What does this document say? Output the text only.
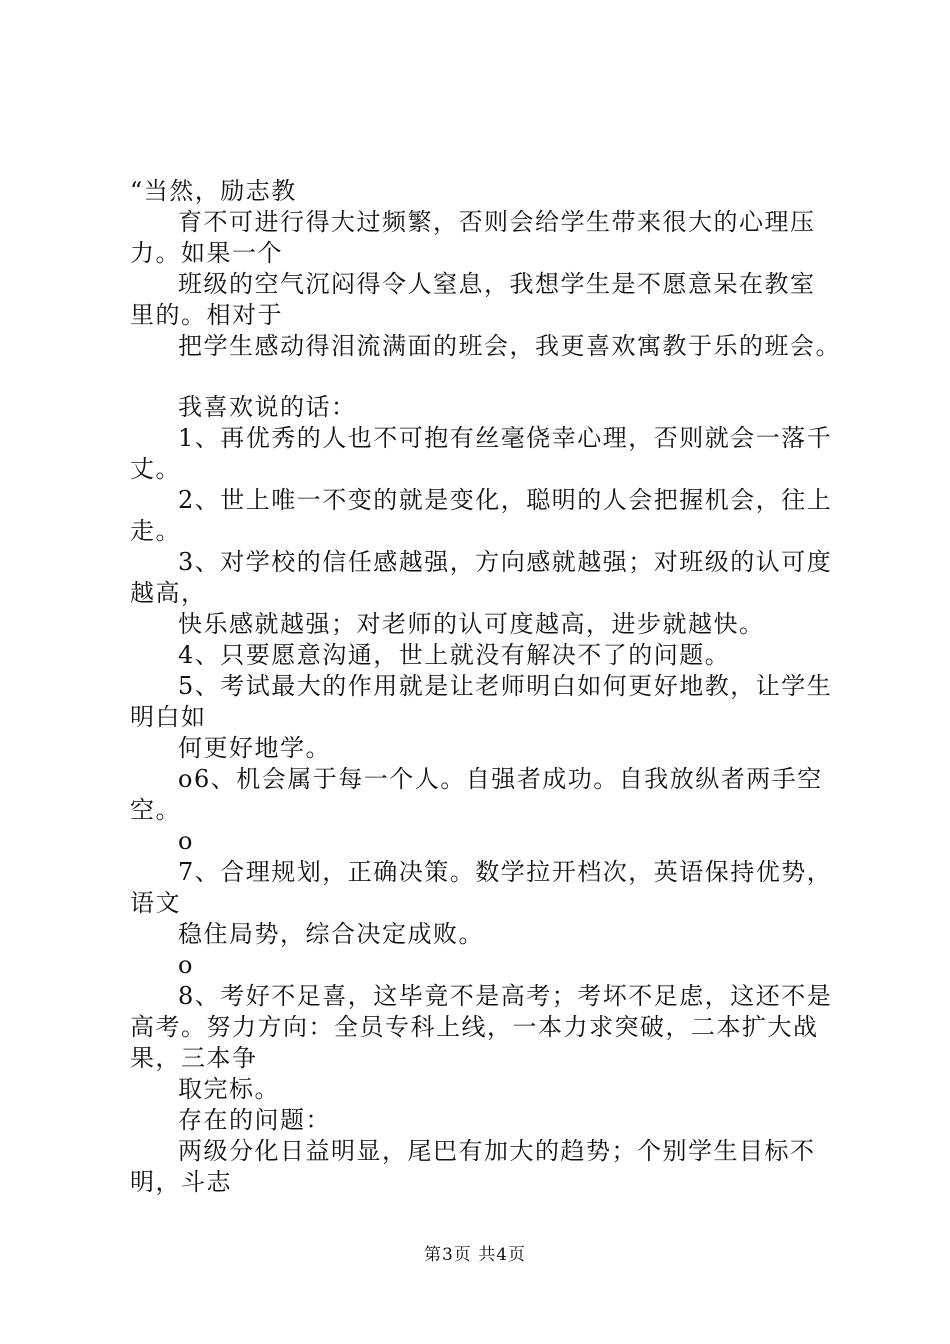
“当然，励志教
育不可进行得大过频繁，否则会给学生带来很大的心理压
力。如果一个
班级的空气沉闷得令人窒息，我想学生是不愿意呆在教室
里的。相对于
把学生感动得泪流满面的班会，我更喜欢寓教于乐的班会。
我喜欢说的话：
1、再优秀的人也不可抱有丝毫侥幸心理，否则就会一落千
丈。
2、世上唯一不变的就是变化，聪明的人会把握机会，往上
走。
3、对学校的信任感越强，方向感就越强；对班级的认可度
越高，
快乐感就越强；对老师的认可度越高，进步就越快。
4、只要愿意沟通，世上就没有解决不了的问题。
5、考试最大的作用就是让老师明白如何更好地教，让学生
明白如
何更好地学。
o6、机会属于每一个人。自强者成功。自我放纵者两手空
空。
o
7、合理规划，正确决策。数学拉开档次，英语保持优势，
语文
稳住局势，综合决定成败。
o
8、考好不足喜，这毕竟不是高考；考坏不足虑，这还不是
高考。努力方向：全员专科上线，一本力求突破，二本扩大战
果，三本争
取完标。
存在的问题：
两级分化日益明显，尾巴有加大的趋势；个别学生目标不
明，斗志
第3页 共4页
